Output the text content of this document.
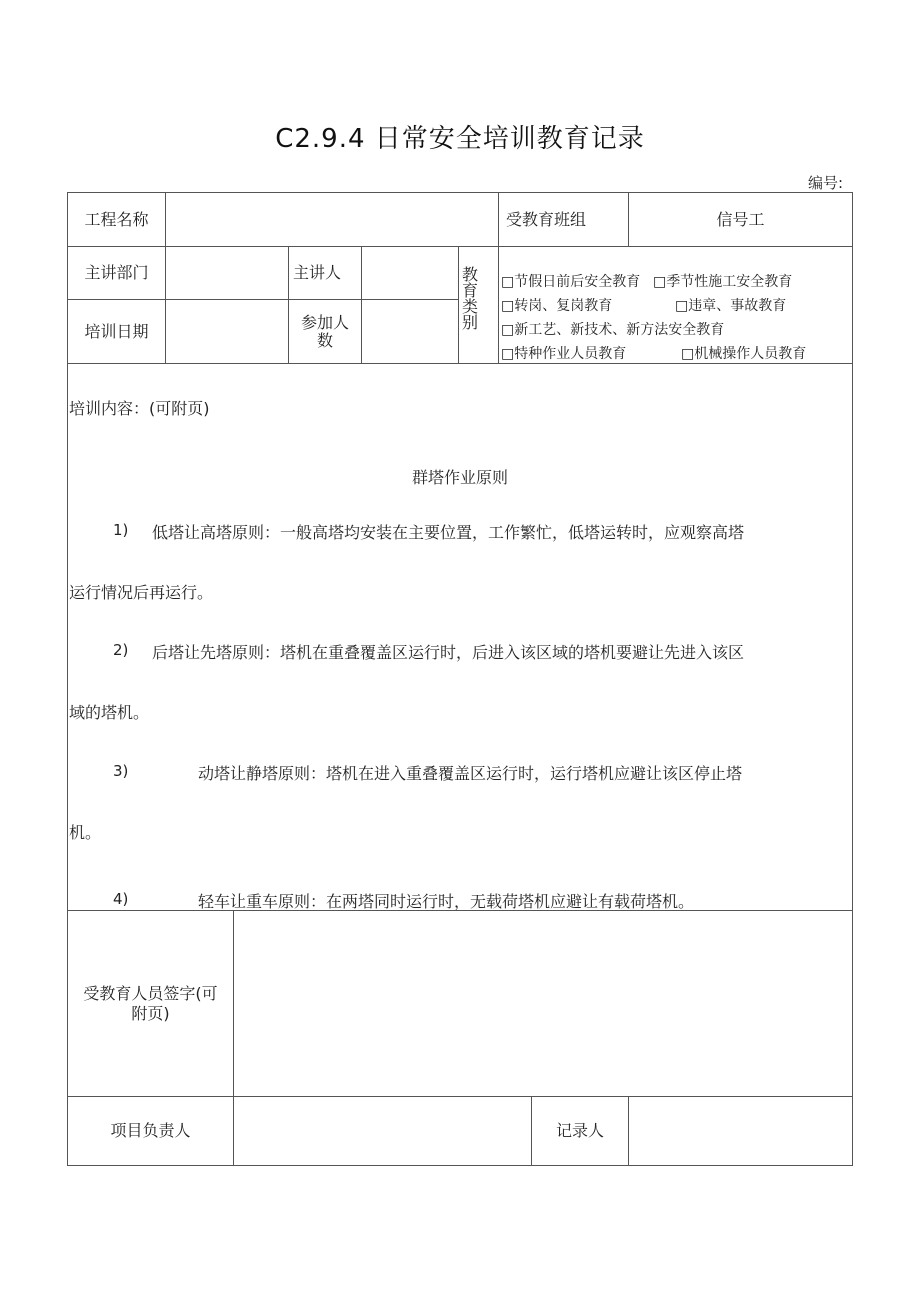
C2.9.4 日常安全培训教育记录
编号:
工程名称	受教育班组	信号工
主讲部门	主讲人
培训日期	参加人数
教
育
类
别
□节假日前后安全教育 □季节性施工安全教育
□转岗、复岗教育	□违章、事故教育
□新工艺、新技术、新方法安全教育
□特种作业人员教育	□机械操作人员教育
培训内容：(可附页)
群塔作业原则
1) 低塔让高塔原则：一般高塔均安装在主要位置，工作繁忙，低塔运转时，应观察高塔
运行情况后再运行。
2) 后塔让先塔原则：塔机在重叠覆盖区运行时，后进入该区域的塔机要避让先进入该区
域的塔机。
3)	动塔让静塔原则：塔机在进入重叠覆盖区运行时，运行塔机应避让该区停止塔
机。
4)	轻车让重车原则：在两塔同时运行时，无载荷塔机应避让有载荷塔机。
受教育人员签字(可
附页)
项目负责人	记录人
